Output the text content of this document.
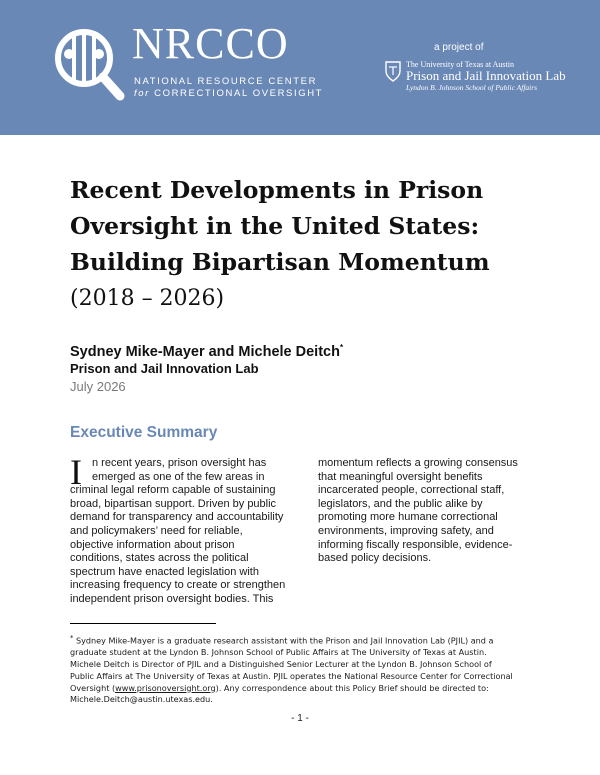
NRCCO
NATIONAL RESOURCE CENTER
for CORRECTIONAL OVERSIGHT
a project of
The University of Texas at Austin
Prison and Jail Innovation Lab
Lyndon B. Johnson School of Public Affairs
Recent Developments in Prison
Oversight in the United States:
Building Bipartisan Momentum
(2018 – 2026)
Sydney Mike-Mayer and Michele Deitch*
Prison and Jail Innovation Lab
July 2026
Executive Summary
I n recent years, prison oversight has
emerged as one of the few areas in
criminal legal reform capable of sustaining
broad, bipartisan support. Driven by public
demand for transparency and accountability
and policymakers’ need for reliable,
objective information about prison
conditions, states across the political
spectrum have enacted legislation with
increasing frequency to create or strengthen
independent prison oversight bodies. This
momentum reflects a growing consensus
that meaningful oversight benefits
incarcerated people, correctional staff,
legislators, and the public alike by
promoting more humane correctional
environments, improving safety, and
informing fiscally responsible, evidence-
based policy decisions.
* Sydney Mike-Mayer is a graduate research assistant with the Prison and Jail Innovation Lab (PJIL) and a
graduate student at the Lyndon B. Johnson School of Public Affairs at The University of Texas at Austin.
Michele Deitch is Director of PJIL and a Distinguished Senior Lecturer at the Lyndon B. Johnson School of
Public Affairs at The University of Texas at Austin. PJIL operates the National Resource Center for Correctional
Oversight (www.prisonoversight.org). Any correspondence about this Policy Brief should be directed to:
Michele.Deitch@austin.utexas.edu.
- 1 -
